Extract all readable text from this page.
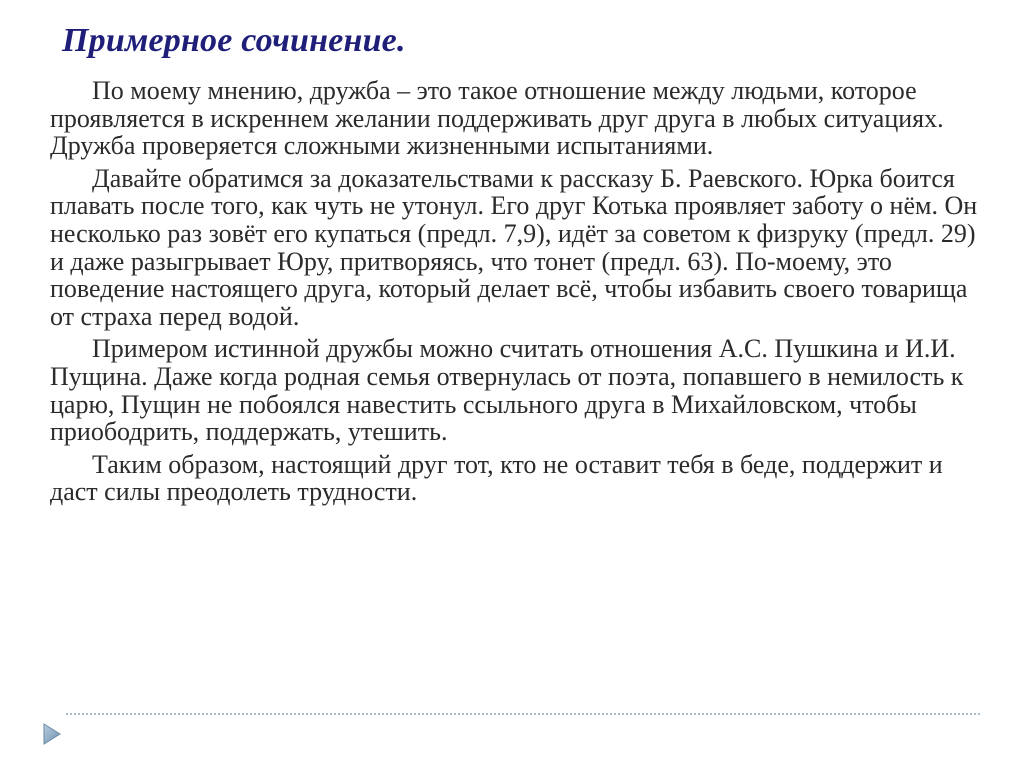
Примерное сочинение.

По моему мнению, дружба – это такое отношение между людьми, которое проявляется в искреннем желании поддерживать друг друга в любых ситуациях. Дружба проверяется сложными жизненными испытаниями.

Давайте обратимся за доказательствами к рассказу Б. Раевского. Юрка боится плавать после того, как чуть не утонул. Его друг Котька проявляет заботу о нём. Он несколько раз зовёт его купаться (предл. 7,9), идёт за советом к физруку (предл. 29) и даже разыгрывает Юру, притворяясь, что тонет (предл. 63). По-моему, это поведение настоящего друга, который делает всё, чтобы избавить своего товарища от страха перед водой.

Примером истинной дружбы можно считать отношения А.С. Пушкина и И.И. Пущина. Даже когда родная семья отвернулась от поэта, попавшего в немилость к царю, Пущин не побоялся навестить ссыльного друга в Михайловском, чтобы приободрить, поддержать, утешить.

Таким образом, настоящий друг тот, кто не оставит тебя в беде, поддержит и даст силы преодолеть трудности.
